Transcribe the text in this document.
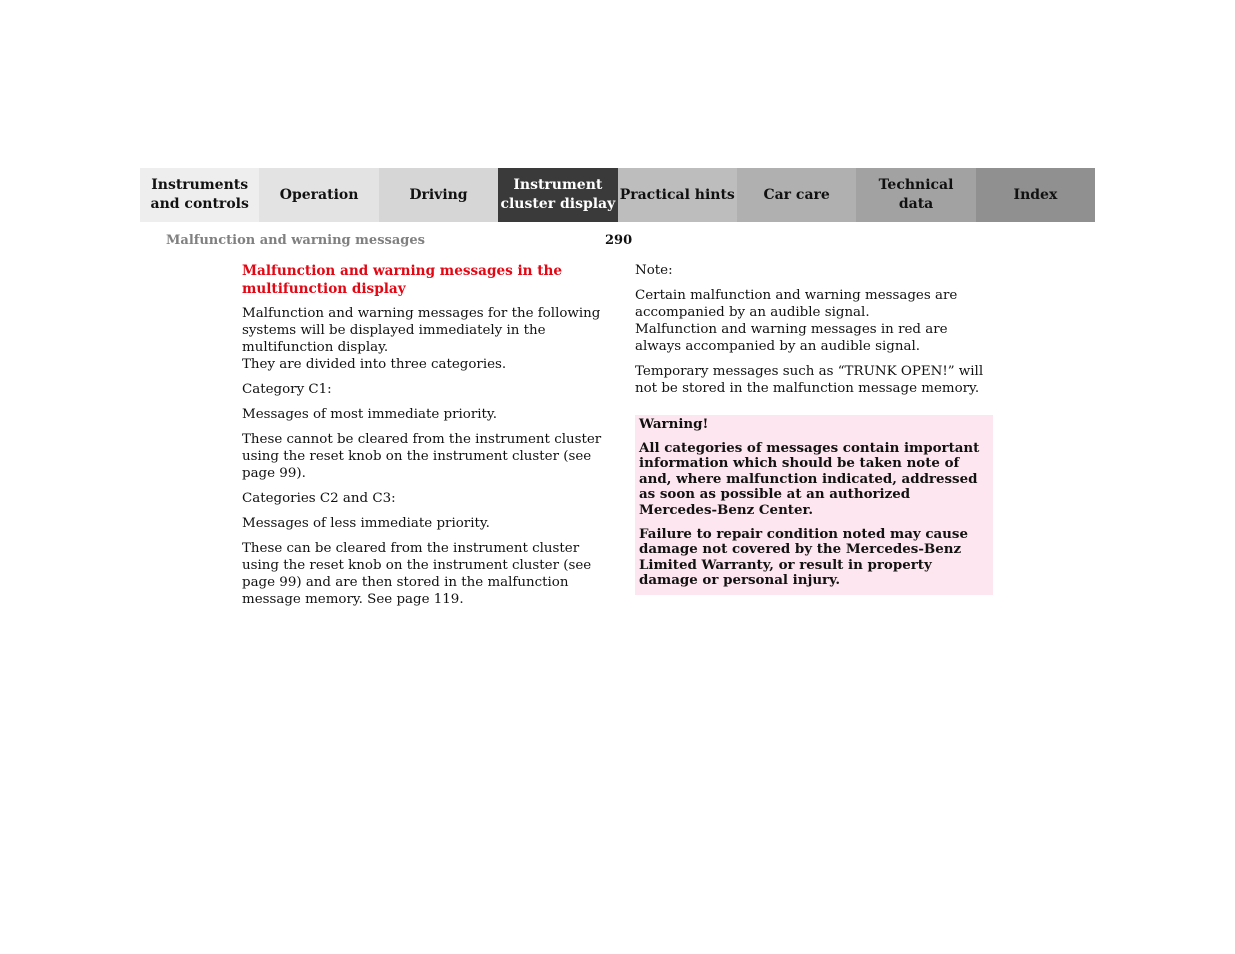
Instruments
and controls
Operation	Driving
Instrument
cluster display
Practical hints	Car care
Technical
data
Index
Malfunction and warning messages	290
Malfunction and warning messages in the multifunction display

Malfunction and warning messages for the following systems will be displayed immediately in the multifunction display.
They are divided into three categories.

Category C1:

Messages of most immediate priority.

These cannot be cleared from the instrument cluster using the reset knob on the instrument cluster (see page 99).

Categories C2 and C3:

Messages of less immediate priority.

These can be cleared from the instrument cluster using the reset knob on the instrument cluster (see page 99) and are then stored in the malfunction message memory. See page 119.

Note:

Certain malfunction and warning messages are accompanied by an audible signal.
Malfunction and warning messages in red are always accompanied by an audible signal.

Temporary messages such as “TRUNK OPEN!” will not be stored in the malfunction message memory.

Warning!

All categories of messages contain important information which should be taken note of and, where malfunction indicated, addressed as soon as possible at an authorized Mercedes-Benz Center.

Failure to repair condition noted may cause damage not covered by the Mercedes-Benz Limited Warranty, or result in property damage or personal injury.
